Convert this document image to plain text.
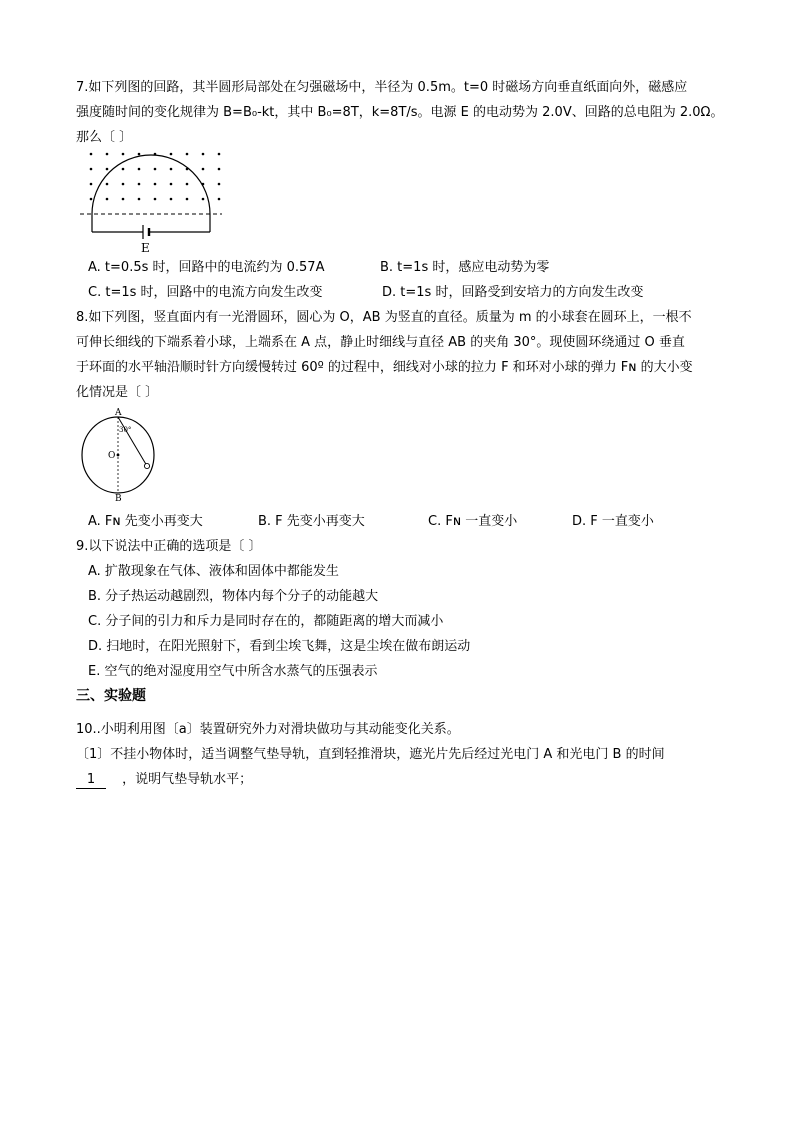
7.如下列图的回路，其半圆形局部处在匀强磁场中，半径为 0.5m。t=0 时磁场方向垂直纸面向外，磁感应
强度随时间的变化规律为 B=B₀-kt，其中 B₀=8T，k=8T/s。电源 E 的电动势为 2.0V、回路的总电阻为 2.0Ω。
那么〔 〕
E
A. t=0.5s 时，回路中的电流约为 0.57A	B. t=1s 时，感应电动势为零
C. t=1s 时，回路中的电流方向发生改变	D. t=1s 时，回路受到安培力的方向发生改变
8.如下列图，竖直面内有一光滑圆环，圆心为 O，AB 为竖直的直径。质量为 m 的小球套在圆环上，一根不
可伸长细线的下端系着小球，上端系在 A 点，静止时细线与直径 AB 的夹角 30°。现使圆环绕通过 O 垂直
于环面的水平轴沿顺时针方向缓慢转过 60º 的过程中，细线对小球的拉力 F 和环对小球的弹力 Fɴ 的大小变
化情况是〔 〕
A
B
O
30°
A. Fɴ 先变小再变大	B. F 先变小再变大	C. Fɴ 一直变小	D. F 一直变小
9.以下说法中正确的选项是〔 〕
A. 扩散现象在气体、液体和固体中都能发生
B. 分子热运动越剧烈，物体内每个分子的动能越大
C. 分子间的引力和斥力是同时存在的，都随距离的增大而减小
D. 扫地时，在阳光照射下，看到尘埃飞舞，这是尘埃在做布朗运动
E. 空气的绝对湿度用空气中所含水蒸气的压强表示
三、实验题
10..小明利用图〔a〕装置研究外力对滑块做功与其动能变化关系。
〔1〕不挂小物体时，适当调整气垫导轨，直到轻推滑块，遮光片先后经过光电门 A 和光电门 B 的时间
1 ，说明气垫导轨水平；
